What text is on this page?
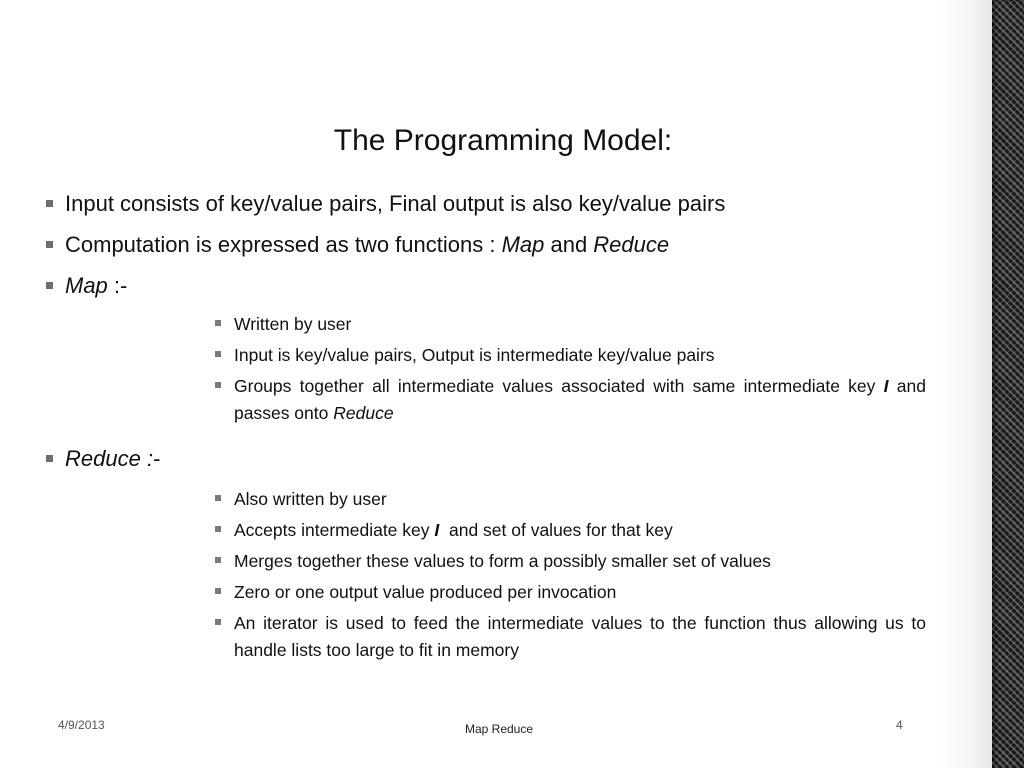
The Programming Model:
Input consists of key/value pairs, Final output is also key/value pairs
Computation is expressed as two functions : Map and Reduce
Map :-
Written by user
Input is key/value pairs, Output is intermediate key/value pairs
Groups together all intermediate values associated with same intermediate key I and passes onto Reduce
Reduce :-
Also written by user
Accepts intermediate key I  and set of values for that key
Merges together these values to form a possibly smaller set of values
Zero or one output value produced per invocation
An iterator is used to feed the intermediate values to the function thus allowing us to handle lists too large to fit in memory
4/9/2013	Map Reduce	4
